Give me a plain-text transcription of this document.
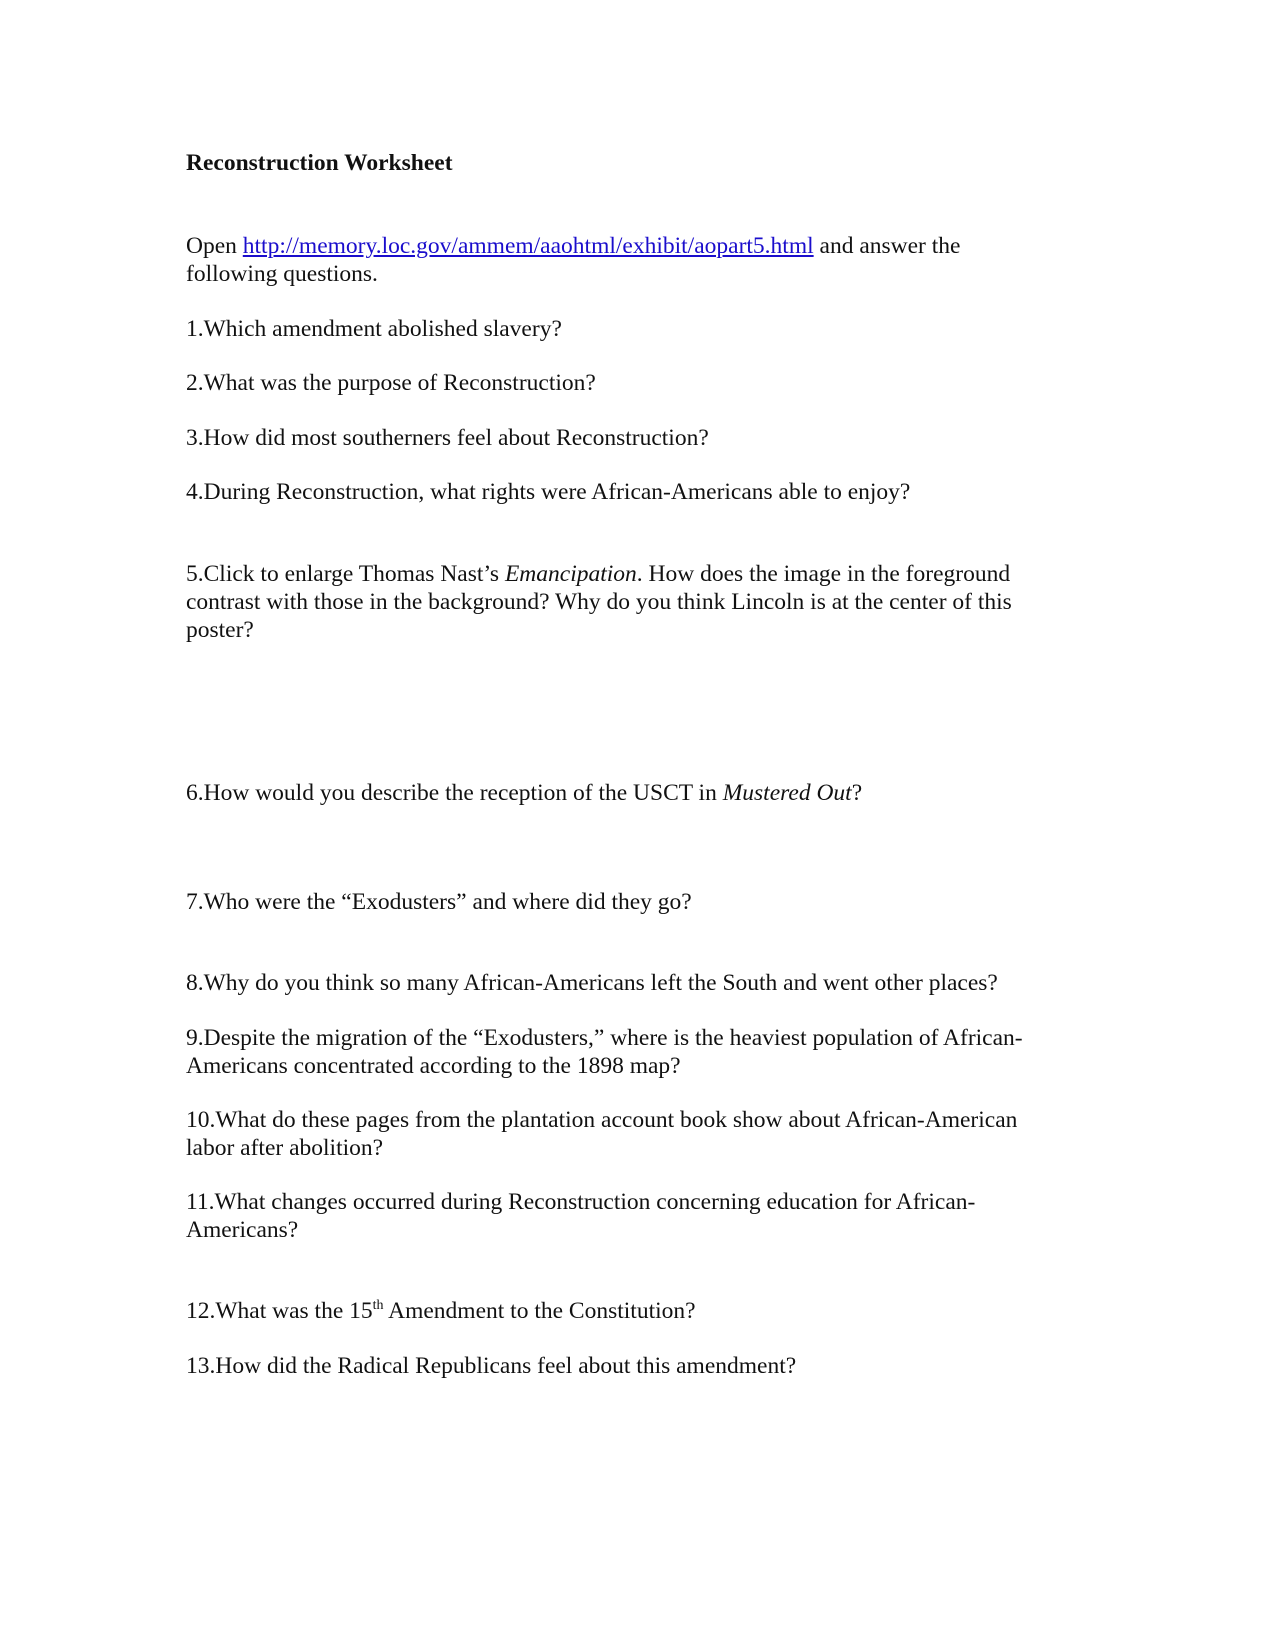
Reconstruction Worksheet

Open http://memory.loc.gov/ammem/aaohtml/exhibit/aopart5.html and answer the

following questions.

1.Which amendment abolished slavery?

2.What was the purpose of Reconstruction?

3.How did most southerners feel about Reconstruction?

4.During Reconstruction, what rights were African-Americans able to enjoy?

5.Click to enlarge Thomas Nast’s Emancipation. How does the image in the foreground

contrast with those in the background? Why do you think Lincoln is at the center of this

poster?

6.How would you describe the reception of the USCT in Mustered Out?

7.Who were the “Exodusters” and where did they go?

8.Why do you think so many African-Americans left the South and went other places?

9.Despite the migration of the “Exodusters,” where is the heaviest population of African-

Americans concentrated according to the 1898 map?

10.What do these pages from the plantation account book show about African-American

labor after abolition?

11.What changes occurred during Reconstruction concerning education for African-

Americans?

12.What was the 15th Amendment to the Constitution?

13.How did the Radical Republicans feel about this amendment?
